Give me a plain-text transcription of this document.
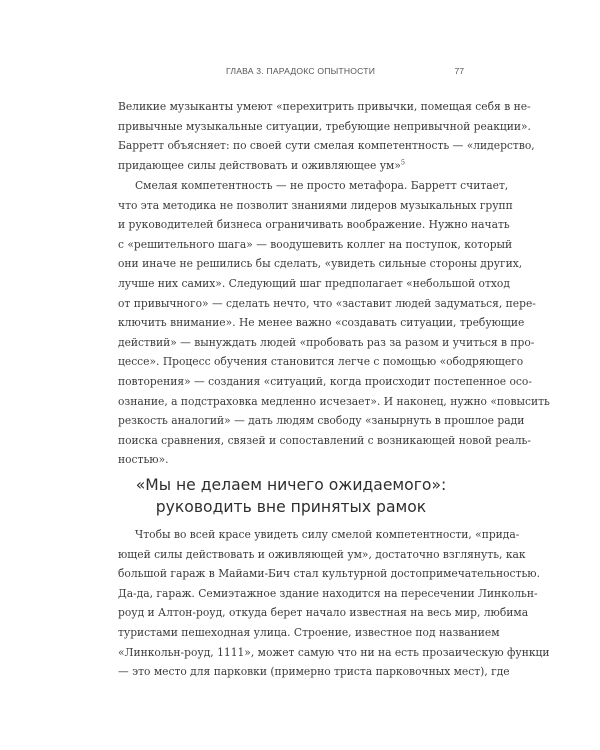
ГЛАВА 3. ПАРАДОКС ОПЫТНОСТИ	77
Великие музыканты умеют «перехитрить привычки, помещая себя в не-
привычные музыкальные ситуации, требующие непривычной реакции».
Барретт объясняет: по своей сути смелая компетентность — «лидерство,
придающее силы действовать и оживляющее ум»$^5$
Смелая компетентность — не просто метафора. Барретт считает,
что эта методика не позволит знаниями лидеров музыкальных групп
и руководителей бизнеса ограничивать воображение. Нужно начать
с «решительного шага» — воодушевить коллег на поступок, который
они иначе не решились бы сделать, «увидеть сильные стороны других,
лучше них самих». Следующий шаг предполагает «небольшой отход
от привычного» — сделать нечто, что «заставит людей задуматься, пере-
ключить внимание». Не менее важно «создавать ситуации, требующие
действий» — вынуждать людей «пробовать раз за разом и учиться в про-
цессе». Процесс обучения становится легче с помощью «ободряющего
повторения» — создания «ситуаций, когда происходит постепенное осо-
ознание, а подстраховка медленно исчезает». И наконец, нужно «повысить
резкость аналогий» — дать людям свободу «занырнуть в прошлое ради
поиска сравнения, связей и сопоставлений с возникающей новой реаль-
ностью».
«Мы не делаем ничего ожидаемого»:
руководить вне принятых рамок
Чтобы во всей красе увидеть силу смелой компетентности, «прида-
ющей силы действовать и оживляющей ум», достаточно взглянуть, как
большой гараж в Майами-Бич стал культурной достопримечательностью.
Да-да, гараж. Семиэтажное здание находится на пересечении Линкольн-
роуд и Алтон-роуд, откуда берет начало известная на весь мир, любима
туристами пешеходная улица. Строение, известное под названием
«Линкольн-роуд, 1111», может самую что ни на есть прозаическую функци
— это место для парковки (примерно триста парковочных мест), где
